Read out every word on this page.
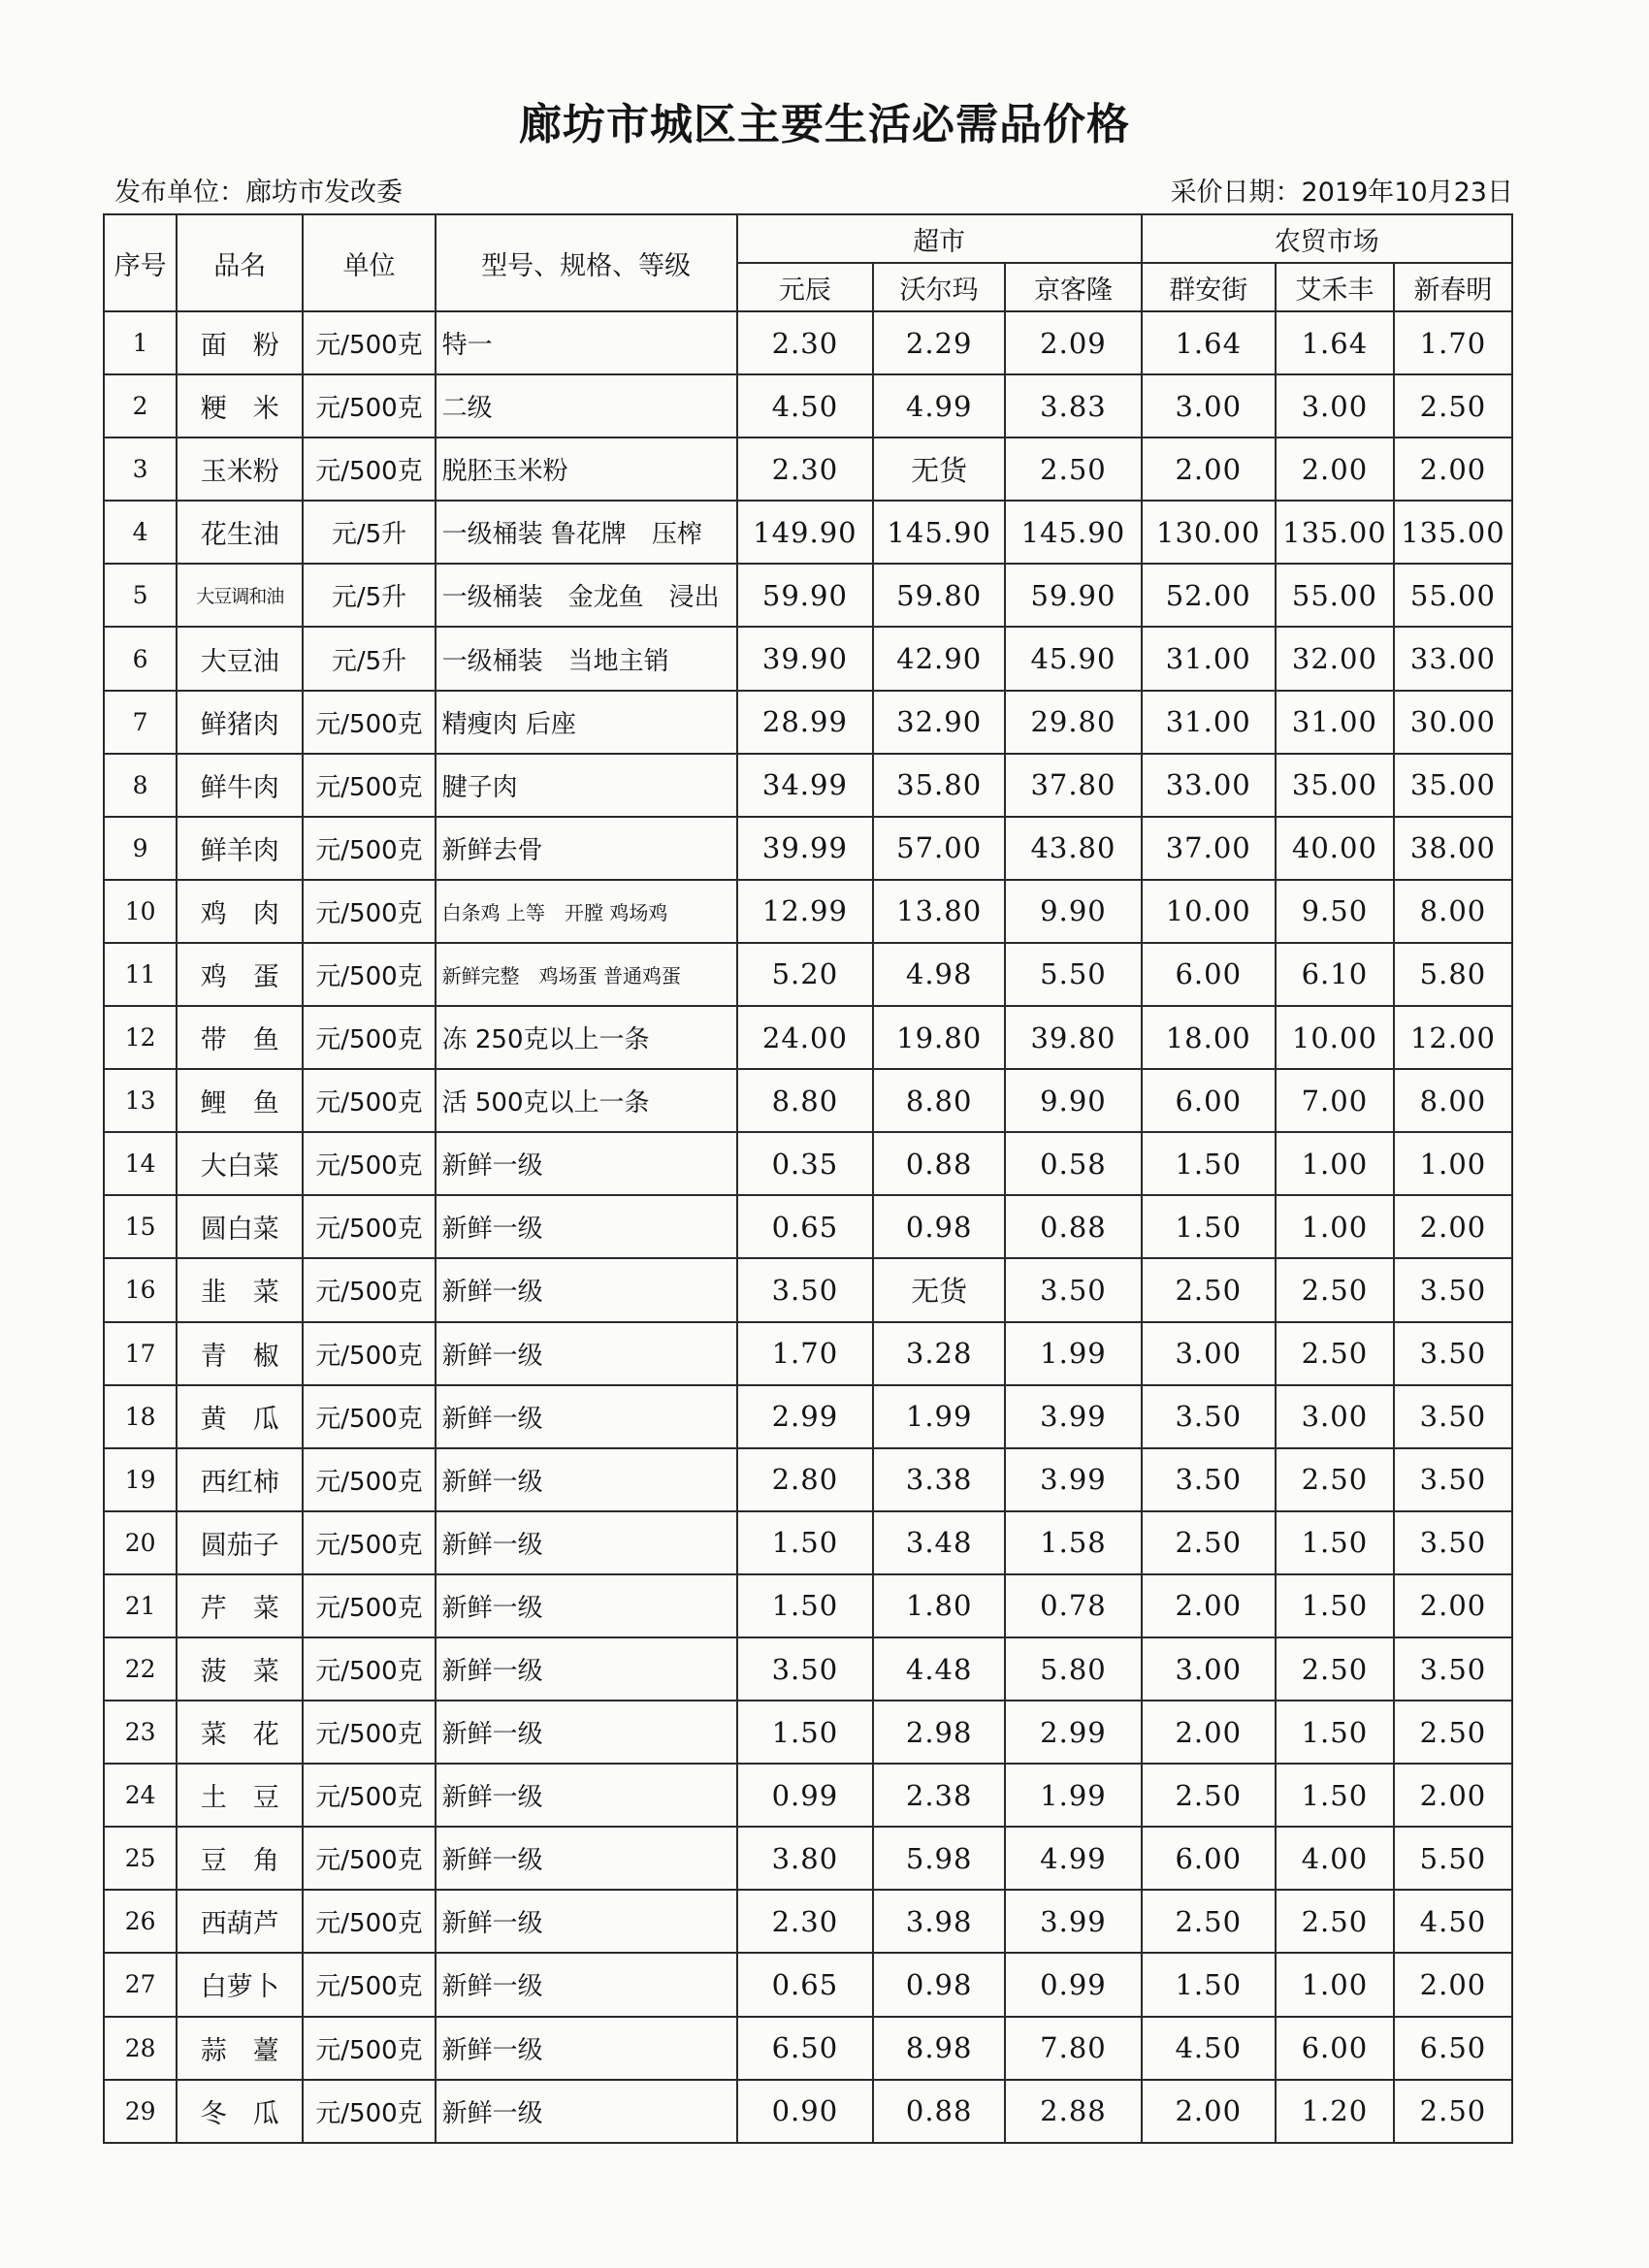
廊坊市城区主要生活必需品价格
发布单位：廊坊市发改委	采价日期：2019年10月23日
序号	品名	单位	型号、规格、等级	超市			农贸市场		
				元辰	沃尔玛	京客隆	群安街	艾禾丰	新春明
1	面　粉	元/500克	特一	2.30	2.29	2.09	1.64	1.64	1.70
2	粳　米	元/500克	二级	4.50	4.99	3.83	3.00	3.00	2.50
3	玉米粉	元/500克	脱胚玉米粉	2.30	无货	2.50	2.00	2.00	2.00
4	花生油	元/5升	一级桶装 鲁花牌　压榨	149.90	145.90	145.90	130.00	135.00	135.00
5	大豆调和油	元/5升	一级桶装　金龙鱼　浸出	59.90	59.80	59.90	52.00	55.00	55.00
6	大豆油	元/5升	一级桶装　当地主销	39.90	42.90	45.90	31.00	32.00	33.00
7	鲜猪肉	元/500克	精瘦肉 后座	28.99	32.90	29.80	31.00	31.00	30.00
8	鲜牛肉	元/500克	腱子肉	34.99	35.80	37.80	33.00	35.00	35.00
9	鲜羊肉	元/500克	新鲜去骨	39.99	57.00	43.80	37.00	40.00	38.00
10	鸡　肉	元/500克	白条鸡 上等　开膛 鸡场鸡	12.99	13.80	9.90	10.00	9.50	8.00
11	鸡　蛋	元/500克	新鲜完整　鸡场蛋 普通鸡蛋	5.20	4.98	5.50	6.00	6.10	5.80
12	带　鱼	元/500克	冻 250克以上一条	24.00	19.80	39.80	18.00	10.00	12.00
13	鲤　鱼	元/500克	活 500克以上一条	8.80	8.80	9.90	6.00	7.00	8.00
14	大白菜	元/500克	新鲜一级	0.35	0.88	0.58	1.50	1.00	1.00
15	圆白菜	元/500克	新鲜一级	0.65	0.98	0.88	1.50	1.00	2.00
16	韭　菜	元/500克	新鲜一级	3.50	无货	3.50	2.50	2.50	3.50
17	青　椒	元/500克	新鲜一级	1.70	3.28	1.99	3.00	2.50	3.50
18	黄　瓜	元/500克	新鲜一级	2.99	1.99	3.99	3.50	3.00	3.50
19	西红柿	元/500克	新鲜一级	2.80	3.38	3.99	3.50	2.50	3.50
20	圆茄子	元/500克	新鲜一级	1.50	3.48	1.58	2.50	1.50	3.50
21	芹　菜	元/500克	新鲜一级	1.50	1.80	0.78	2.00	1.50	2.00
22	菠　菜	元/500克	新鲜一级	3.50	4.48	5.80	3.00	2.50	3.50
23	菜　花	元/500克	新鲜一级	1.50	2.98	2.99	2.00	1.50	2.50
24	土　豆	元/500克	新鲜一级	0.99	2.38	1.99	2.50	1.50	2.00
25	豆　角	元/500克	新鲜一级	3.80	5.98	4.99	6.00	4.00	5.50
26	西葫芦	元/500克	新鲜一级	2.30	3.98	3.99	2.50	2.50	4.50
27	白萝卜	元/500克	新鲜一级	0.65	0.98	0.99	1.50	1.00	2.00
28	蒜　薹	元/500克	新鲜一级	6.50	8.98	7.80	4.50	6.00	6.50
29	冬　瓜	元/500克	新鲜一级	0.90	0.88	2.88	2.00	1.20	2.50
